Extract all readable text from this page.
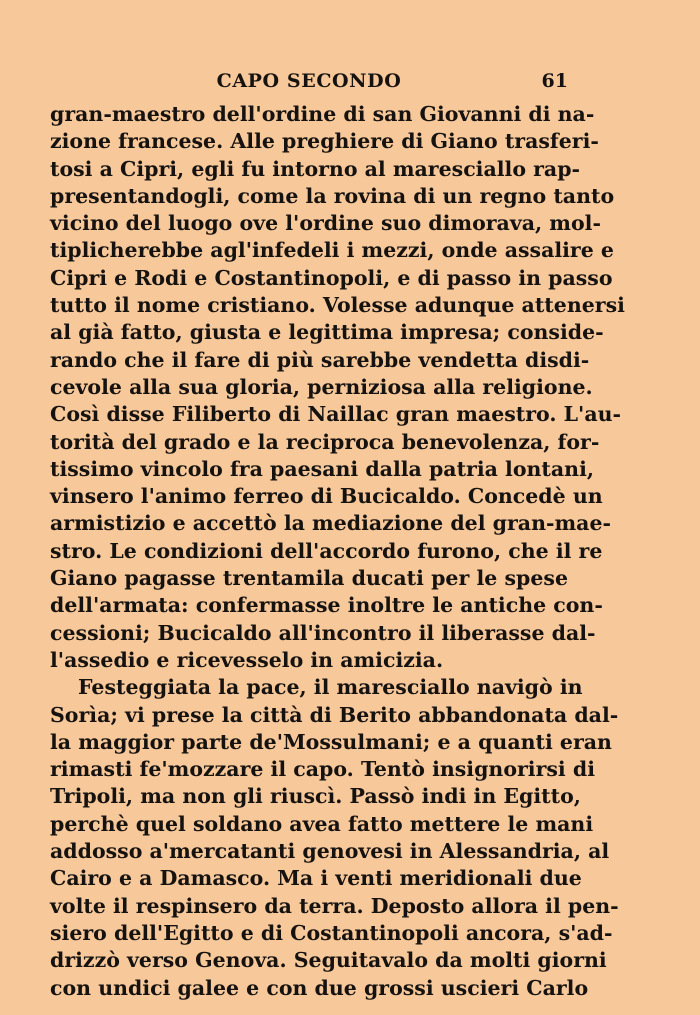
CAPO SECONDO	61
gran-maestro dell'ordine di san Giovanni di na-
zione francese. Alle preghiere di Giano trasferi-
tosi a Cipri, egli fu intorno al maresciallo rap-
presentandogli, come la rovina di un regno tanto
vicino del luogo ove l'ordine suo dimorava, mol-
tiplicherebbe agl'infedeli i mezzi, onde assalire e
Cipri e Rodi e Costantinopoli, e di passo in passo
tutto il nome cristiano. Volesse adunque attenersi
al già fatto, giusta e legittima impresa; conside-
rando che il fare di più sarebbe vendetta disdi-
cevole alla sua gloria, perniziosa alla religione.
Così disse Filiberto di Naillac gran maestro. L'au-
torità del grado e la reciproca benevolenza, for-
tissimo vincolo fra paesani dalla patria lontani,
vinsero l'animo ferreo di Bucicaldo. Concedè un
armistizio e accettò la mediazione del gran-mae-
stro. Le condizioni dell'accordo furono, che il re
Giano pagasse trentamila ducati per le spese
dell'armata: confermasse inoltre le antiche con-
cessioni; Bucicaldo all'incontro il liberasse dal-
l'assedio e ricevesselo in amicizia.
Festeggiata la pace, il maresciallo navigò in
Sorìa; vi prese la città di Berito abbandonata dal-
la maggior parte de'Mossulmani; e a quanti eran
rimasti fe'mozzare il capo. Tentò insignorirsi di
Tripoli, ma non gli riuscì. Passò indi in Egitto,
perchè quel soldano avea fatto mettere le mani
addosso a'mercatanti genovesi in Alessandria, al
Cairo e a Damasco. Ma i venti meridionali due
volte il respinsero da terra. Deposto allora il pen-
siero dell'Egitto e di Costantinopoli ancora, s'ad-
drizzò verso Genova. Seguitavalo da molti giorni
con undici galee e con due grossi uscieri Carlo
